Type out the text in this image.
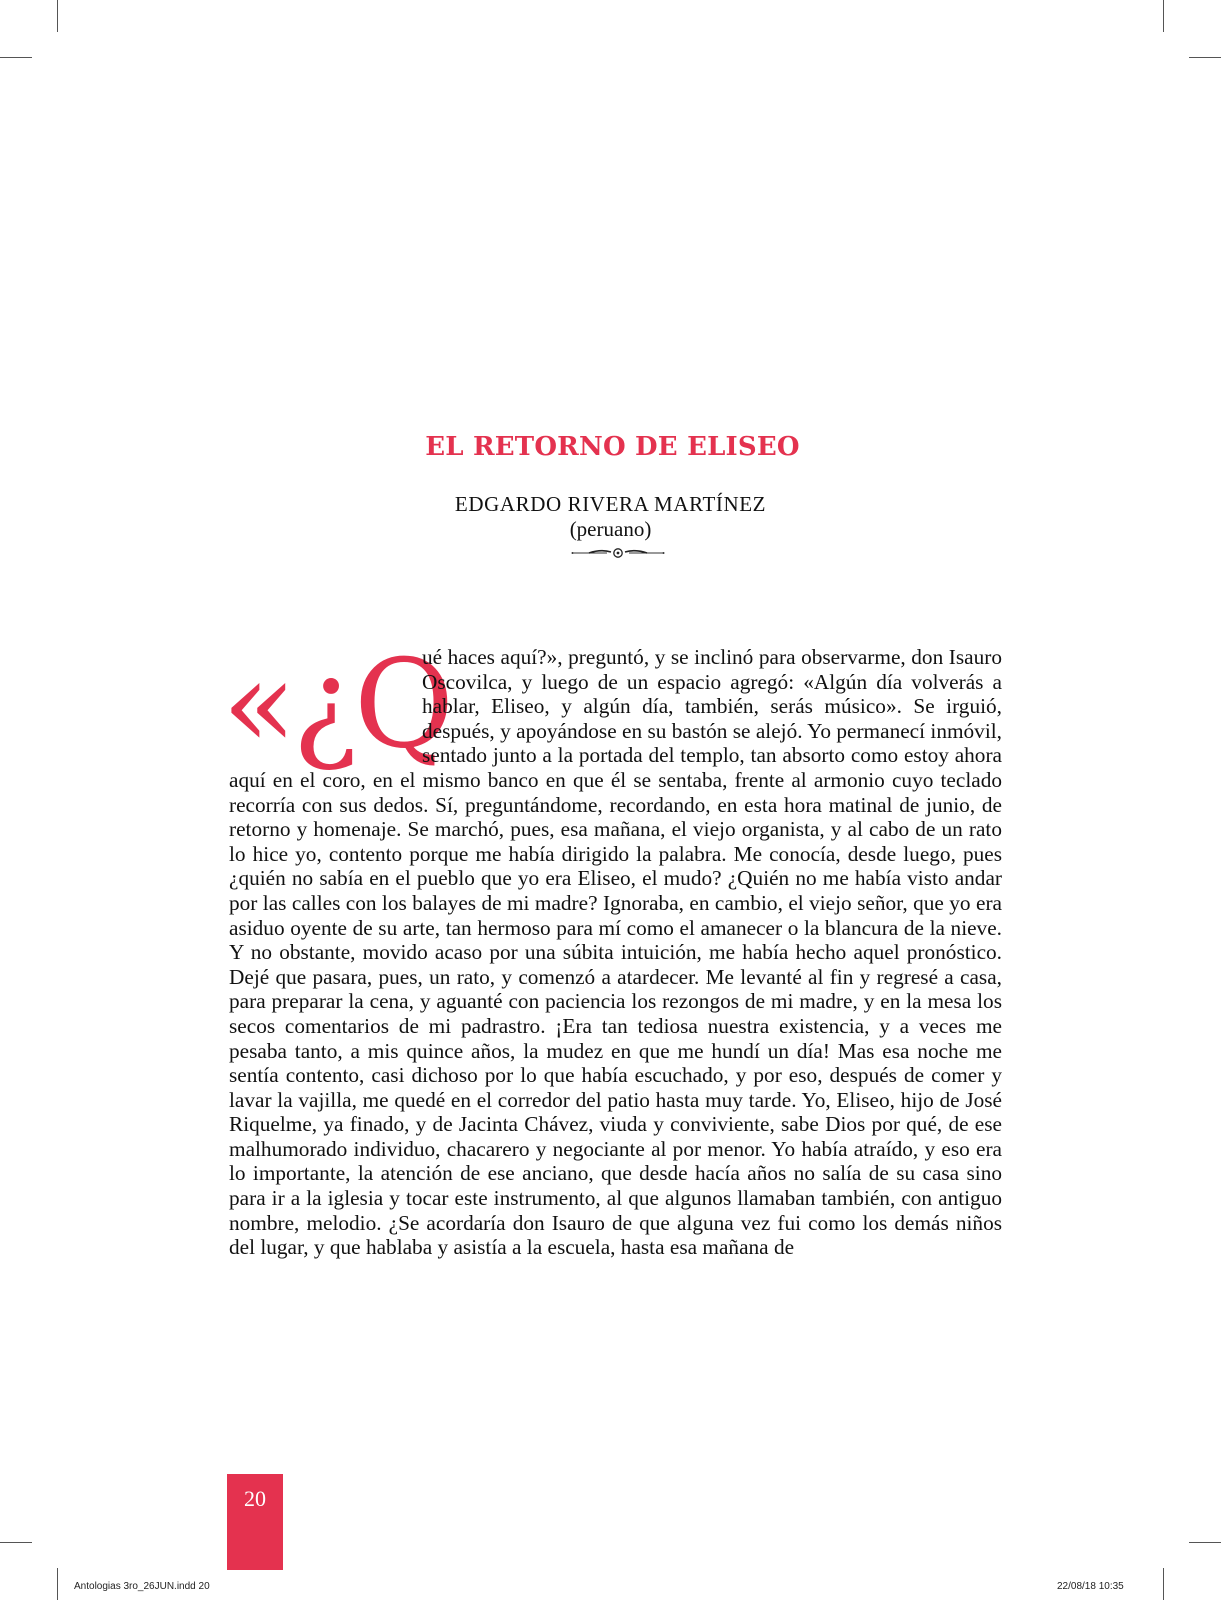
EL RETORNO DE ELISEO
EDGARDO RIVERA MARTÍNEZ
(peruano)

«¿Q
ué haces aquí?», preguntó, y se inclinó para observarme, don Isauro Oscovilca, y luego de un espacio agregó: «Algún día volverás a hablar, Eliseo, y algún día, también, serás músico». Se irguió, después, y apoyándose en su bastón se alejó. Yo permanecí inmóvil, sentado junto a la portada del templo, tan absorto como estoy ahora aquí en el coro, en el mismo banco en que él se sentaba, frente al armonio cuyo teclado recorría con sus dedos. Sí, preguntándome, recordando, en esta hora matinal de junio, de retorno y homenaje. Se marchó, pues, esa mañana, el viejo organista, y al cabo de un rato lo hice yo, contento porque me había dirigido la palabra. Me conocía, desde luego, pues ¿quién no sabía en el pueblo que yo era Eliseo, el mudo? ¿Quién no me había visto andar por las calles con los balayes de mi madre? Ignoraba, en cambio, el viejo señor, que yo era asiduo oyente de su arte, tan hermoso para mí como el amanecer o la blancura de la nieve. Y no obstante, movido acaso por una súbita intuición, me había hecho aquel pronóstico. Dejé que pasara, pues, un rato, y comenzó a atardecer. Me levanté al fin y regresé a casa, para preparar la cena, y aguanté con paciencia los rezongos de mi madre, y en la mesa los secos comentarios de mi padrastro. ¡Era tan tediosa nuestra existencia, y a veces me pesaba tanto, a mis quince años, la mudez en que me hundí un día! Mas esa noche me sentía contento, casi dichoso por lo que había escuchado, y por eso, después de comer y lavar la vajilla, me quedé en el corredor del patio hasta muy tarde. Yo, Eliseo, hijo de José Riquelme, ya finado, y de Jacinta Chávez, viuda y conviviente, sabe Dios por qué, de ese malhumorado individuo, chacarero y negociante al por menor. Yo había atraído, y eso era lo importante, la atención de ese anciano, que desde hacía años no salía de su casa sino para ir a la iglesia y tocar este instrumento, al que algunos llamaban también, con antiguo nombre, melodio. ¿Se acordaría don Isauro de que alguna vez fui como los demás niños del lugar, y que hablaba y asistía a la escuela, hasta esa mañana de

20
Antologias 3ro_26JUN.indd 20	22/08/18 10:35
